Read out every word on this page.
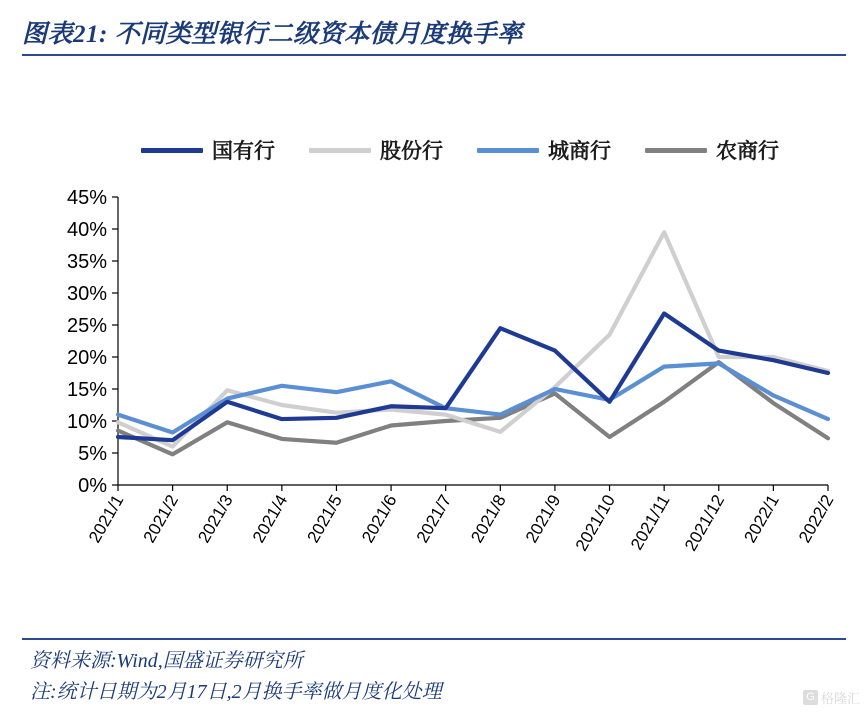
图表21: 不同类型银行二级资本债月度换手率
国有行	股份行	城商行	农商行
0%
5%
10%
15%
20%
25%
30%
35%
40%
45%
2021/1 2021/2 2021/3 2021/4 2021/5 2021/6 2021/7 2021/8 2021/9 2021/10 2021/11 2021/12 2022/1 2022/2
资料来源:Wind,国盛证券研究所
注:统计日期为2月17日,2月换手率做月度化处理	G 格隆汇
